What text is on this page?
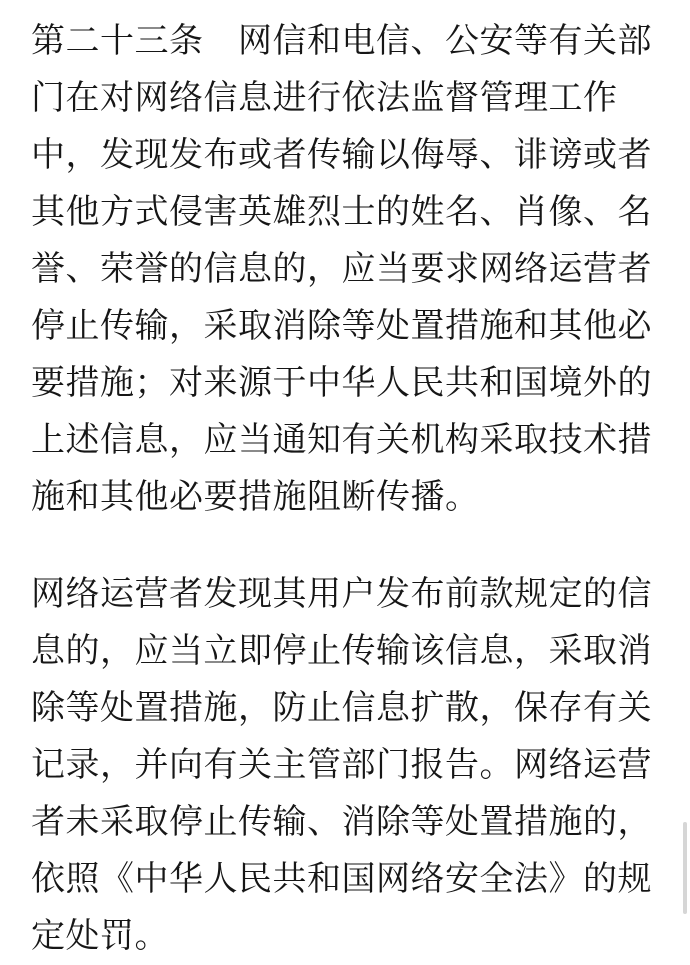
第二十三条　网信和电信、公安等有关部
门在对网络信息进行依法监督管理工作
中，发现发布或者传输以侮辱、诽谤或者
其他方式侵害英雄烈士的姓名、肖像、名
誉、荣誉的信息的，应当要求网络运营者
停止传输，采取消除等处置措施和其他必
要措施；对来源于中华人民共和国境外的
上述信息，应当通知有关机构采取技术措
施和其他必要措施阻断传播。
网络运营者发现其用户发布前款规定的信
息的，应当立即停止传输该信息，采取消
除等处置措施，防止信息扩散，保存有关
记录，并向有关主管部门报告。网络运营
者未采取停止传输、消除等处置措施的，
依照《中华人民共和国网络安全法》的规
定处罚。
